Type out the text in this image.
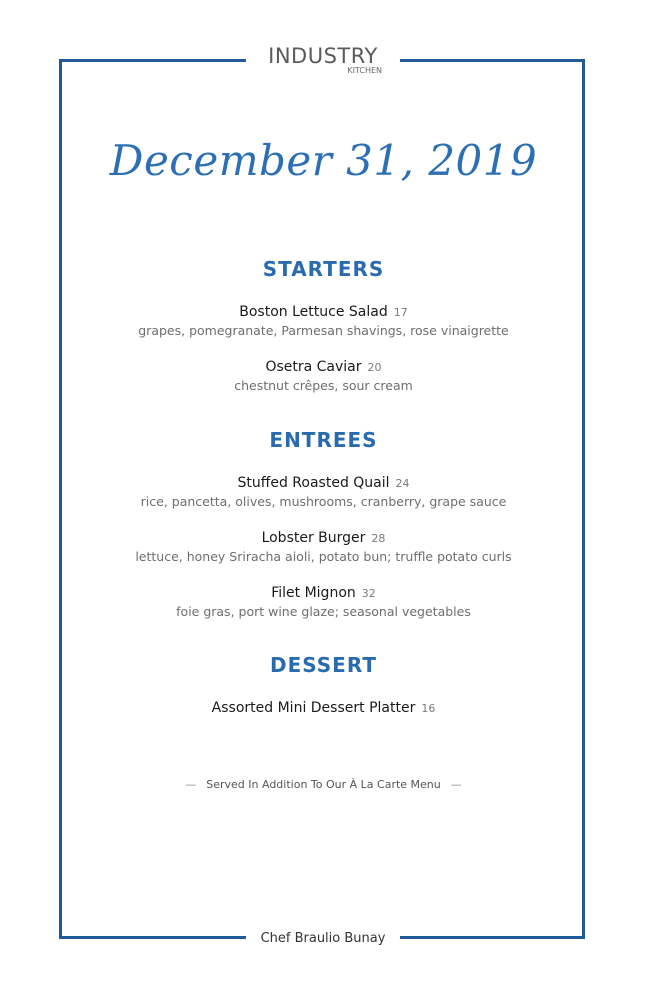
INDUSTRY
KITCHEN
December 31, 2019
STARTERS
Boston Lettuce Salad 17
grapes, pomegranate, Parmesan shavings, rose vinaigrette
Osetra Caviar 20
chestnut crêpes, sour cream
ENTREES
Stuffed Roasted Quail 24
rice, pancetta, olives, mushrooms, cranberry, grape sauce
Lobster Burger 28
lettuce, honey Sriracha aioli, potato bun; truffle potato curls
Filet Mignon 32
foie gras, port wine glaze; seasonal vegetables
DESSERT
Assorted Mini Dessert Platter 16
— Served In Addition To Our À La Carte Menu —
Chef Braulio Bunay
